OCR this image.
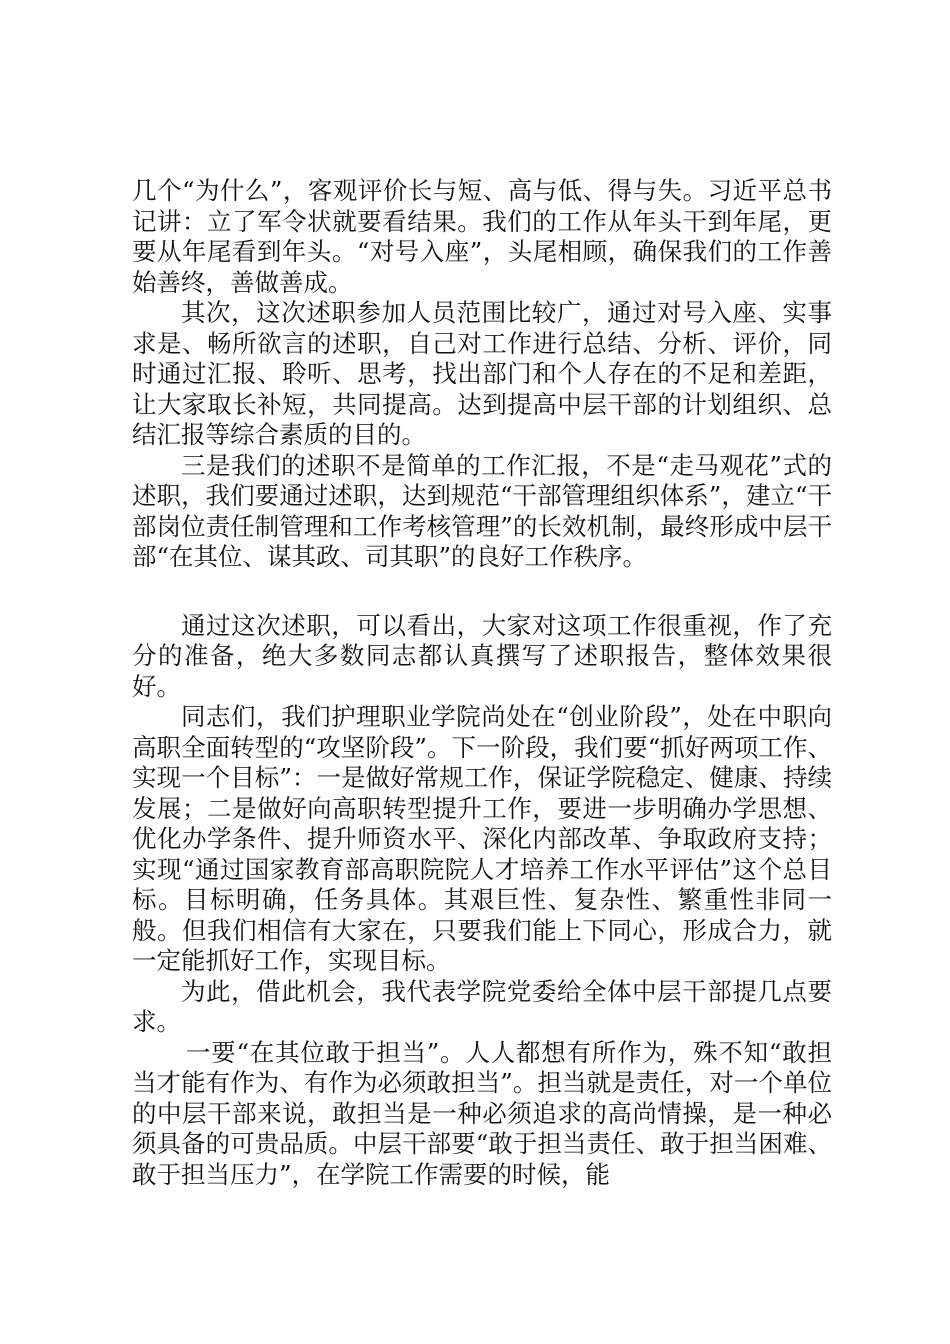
几个“为什么”，客观评价长与短、高与低、得与失。习近平总书记讲：立了军令状就要看结果。我们的工作从年头干到年尾，更要从年尾看到年头。“对号入座”，头尾相顾，确保我们的工作善始善终，善做善成。

其次，这次述职参加人员范围比较广，通过对号入座、实事求是、畅所欲言的述职，自己对工作进行总结、分析、评价，同时通过汇报、聆听、思考，找出部门和个人存在的不足和差距，让大家取长补短，共同提高。达到提高中层干部的计划组织、总结汇报等综合素质的目的。

三是我们的述职不是简单的工作汇报，不是“走马观花”式的述职，我们要通过述职，达到规范“干部管理组织体系”，建立“干部岗位责任制管理和工作考核管理”的长效机制，最终形成中层干部“在其位、谋其政、司其职”的良好工作秩序。

通过这次述职，可以看出，大家对这项工作很重视，作了充分的准备，绝大多数同志都认真撰写了述职报告，整体效果很好。

同志们，我们护理职业学院尚处在“创业阶段”，处在中职向高职全面转型的“攻坚阶段”。下一阶段，我们要“抓好两项工作、实现一个目标”：一是做好常规工作，保证学院稳定、健康、持续发展；二是做好向高职转型提升工作，要进一步明确办学思想、优化办学条件、提升师资水平、深化内部改革、争取政府支持；实现“通过国家教育部高职院院人才培养工作水平评估”这个总目标。目标明确，任务具体。其艰巨性、复杂性、繁重性非同一般。但我们相信有大家在，只要我们能上下同心，形成合力，就一定能抓好工作，实现目标。

为此，借此机会，我代表学院党委给全体中层干部提几点要求。

一要“在其位敢于担当”。人人都想有所作为，殊不知“敢担当才能有作为、有作为必须敢担当”。担当就是责任，对一个单位的中层干部来说，敢担当是一种必须追求的高尚情操，是一种必须具备的可贵品质。中层干部要“敢于担当责任、敢于担当困难、敢于担当压力”，在学院工作需要的时候，能
